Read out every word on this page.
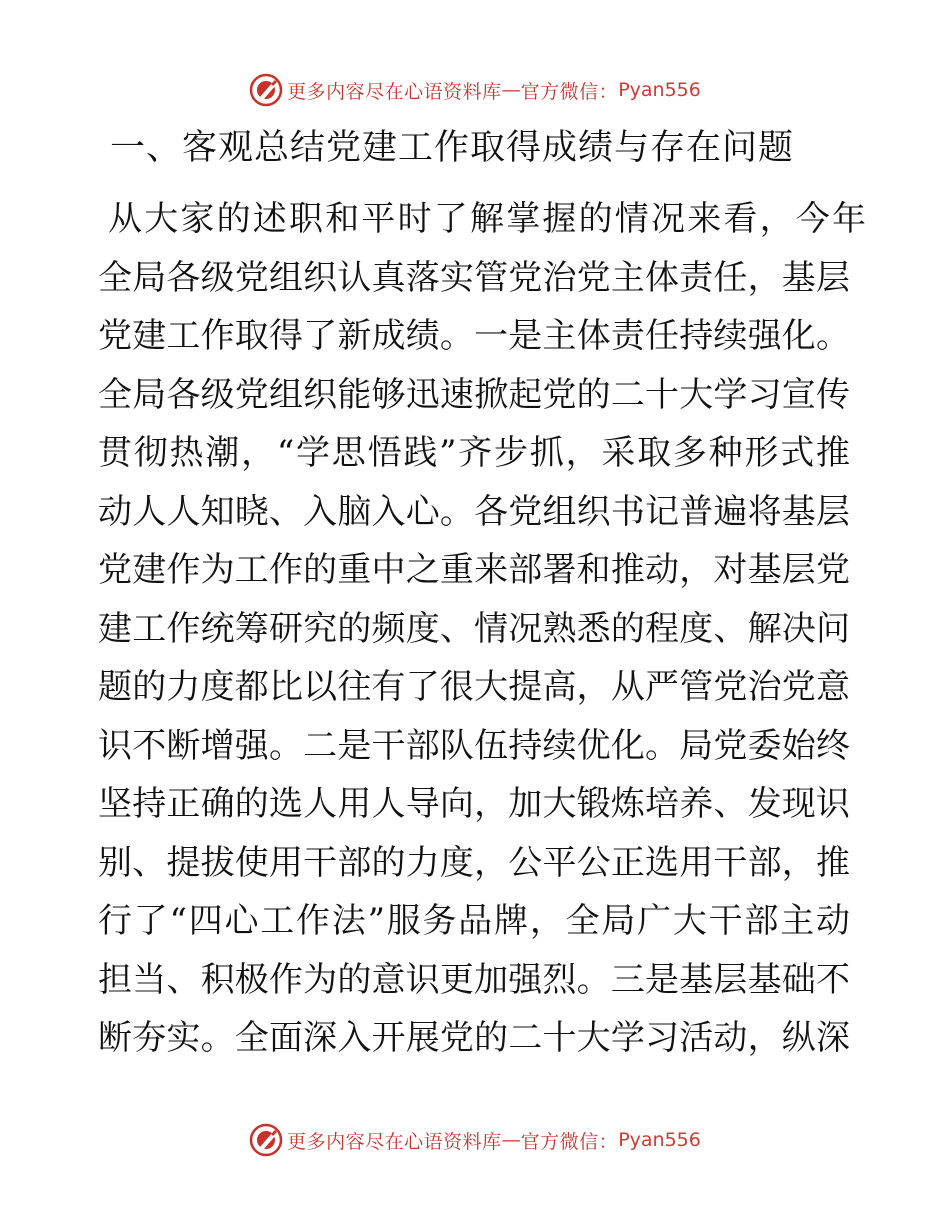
更多内容尽在心语资料库 — 官方微信： Pyan556
一、客观总结党建工作取得成绩与存在问题
从大家的述职和平时了解掌握的情况来看，今年
全局各级党组织认真落实管党治党主体责任，基层
党建工作取得了新成绩。一是主体责任持续强化。
全局各级党组织能够迅速掀起党的二十大学习宣传
贯彻热潮，“学思悟践”齐步抓，采取多种形式推
动人人知晓、入脑入心。各党组织书记普遍将基层
党建作为工作的重中之重来部署和推动，对基层党
建工作统筹研究的频度、情况熟悉的程度、解决问
题的力度都比以往有了很大提高，从严管党治党意
识不断增强。二是干部队伍持续优化。局党委始终
坚持正确的选人用人导向，加大锻炼培养、发现识
别、提拔使用干部的力度，公平公正选用干部，推
行了“四心工作法”服务品牌，全局广大干部主动
担当、积极作为的意识更加强烈。三是基层基础不
断夯实。全面深入开展党的二十大学习活动，纵深
更多内容尽在心语资料库 — 官方微信： Pyan556
